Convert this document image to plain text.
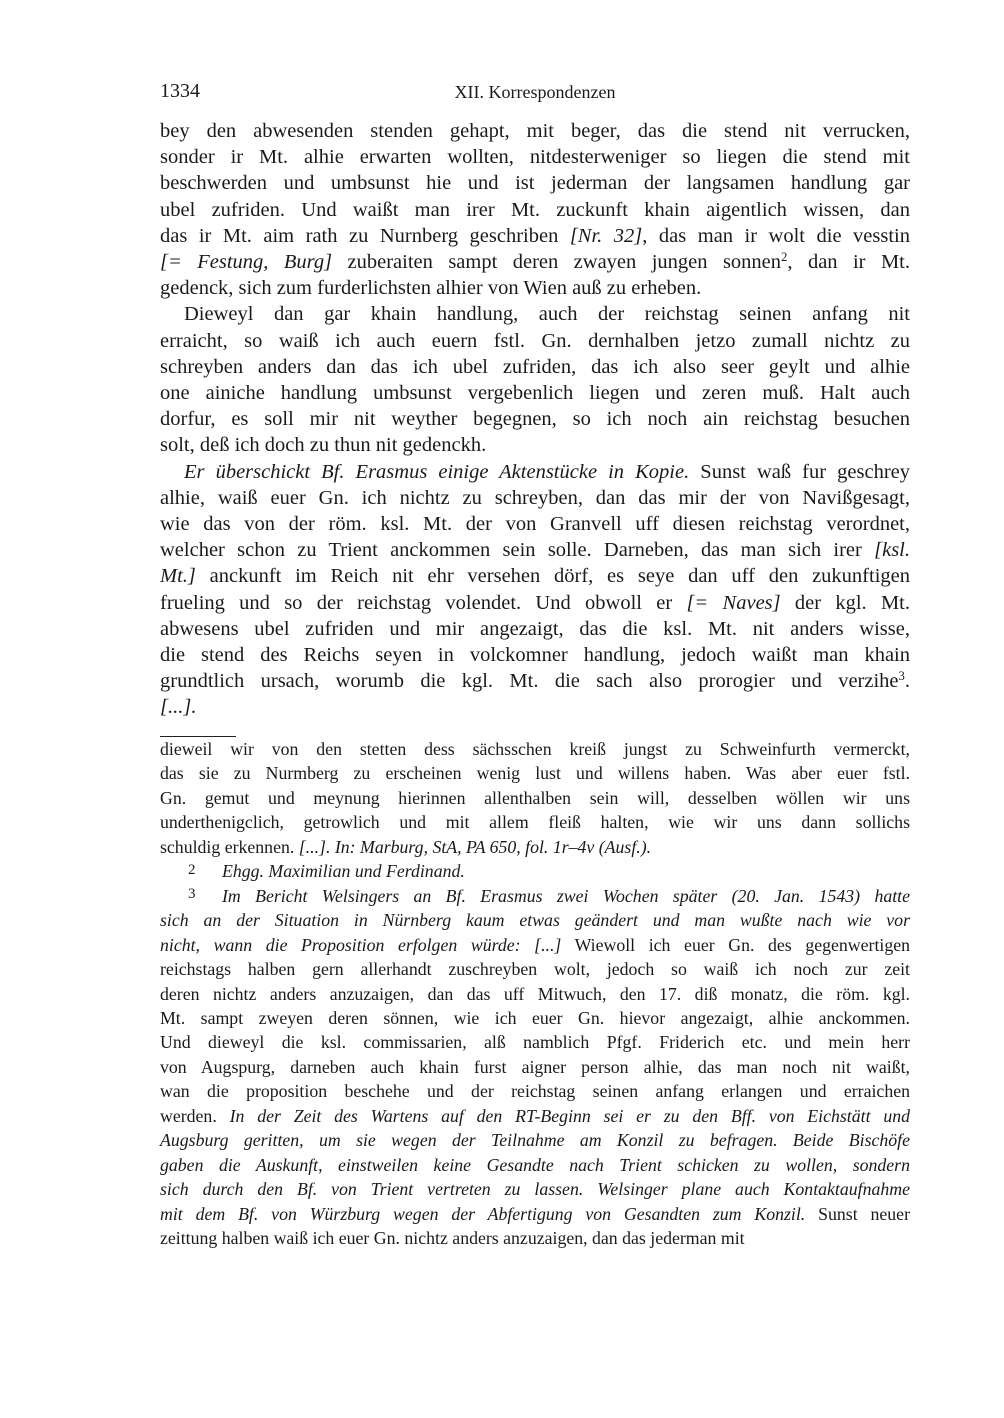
1334	XII. Korrespondenzen
bey den abwesenden stenden gehapt, mit beger, das die stend nit verrucken,
sonder ir Mt. alhie erwarten wollten, nitdesterweniger so liegen die stend mit
beschwerden und umbsunst hie und ist jederman der langsamen handlung gar
ubel zufriden. Und waißt man irer Mt. zuckunft khain aigentlich wissen, dan
das ir Mt. aim rath zu Nurnberg geschriben [Nr. 32], das man ir wolt die vesstin
[= Festung, Burg] zuberaiten sampt deren zwayen jungen sonnen$^2$, dan ir Mt.
gedenck, sich zum furderlichsten alhier von Wien auß zu erheben.
Dieweyl dan gar khain handlung, auch der reichstag seinen anfang nit
erraicht, so waiß ich auch euern fstl. Gn. dernhalben jetzo zumall nichtz zu
schreyben anders dan das ich ubel zufriden, das ich also seer geylt und alhie
one ainiche handlung umbsunst vergebenlich liegen und zeren muß. Halt auch
dorfur, es soll mir nit weyther begegnen, so ich noch ain reichstag besuchen
solt, deß ich doch zu thun nit gedenckh.
Er überschickt Bf. Erasmus einige Aktenstücke in Kopie. Sunst waß fur geschrey
alhie, waiß euer Gn. ich nichtz zu schreyben, dan das mir der von Navißgesagt,
wie das von der röm. ksl. Mt. der von Granvell uff diesen reichstag verordnet,
welcher schon zu Trient anckommen sein solle. Darneben, das man sich irer [ksl.
Mt.] anckunft im Reich nit ehr versehen dörf, es seye dan uff den zukunftigen
frueling und so der reichstag volendet. Und obwoll er [= Naves] der kgl. Mt.
abwesens ubel zufriden und mir angezaigt, das die ksl. Mt. nit anders wisse,
die stend des Reichs seyen in volckomner handlung, jedoch waißt man khain
grundtlich ursach, worumb die kgl. Mt. die sach also prorogier und verzihe$^3$.
[...].
dieweil wir von den stetten dess sächsschen kreiß jungst zu Schweinfurth vermerckt,
das sie zu Nurmberg zu erscheinen wenig lust und willens haben. Was aber euer fstl.
Gn. gemut und meynung hierinnen allenthalben sein will, desselben wöllen wir uns
underthenigclich, getrowlich und mit allem fleiß halten, wie wir uns dann sollichs
schuldig erkennen. [...]. In: Marburg, StA, PA 650, fol. 1r–4v (Ausf.).
2 Ehgg. Maximilian und Ferdinand.
3 Im Bericht Welsingers an Bf. Erasmus zwei Wochen später (20. Jan. 1543) hatte
sich an der Situation in Nürnberg kaum etwas geändert und man wußte nach wie vor
nicht, wann die Proposition erfolgen würde: [...] Wiewoll ich euer Gn. des gegenwertigen
reichstags halben gern allerhandt zuschreyben wolt, jedoch so waiß ich noch zur zeit
deren nichtz anders anzuzaigen, dan das uff Mitwuch, den 17. diß monatz, die röm. kgl.
Mt. sampt zweyen deren sönnen, wie ich euer Gn. hievor angezaigt, alhie anckommen.
Und dieweyl die ksl. commissarien, alß namblich Pfgf. Friderich etc. und mein herr
von Augspurg, darneben auch khain furst aigner person alhie, das man noch nit waißt,
wan die proposition beschehe und der reichstag seinen anfang erlangen und erraichen
werden. In der Zeit des Wartens auf den RT-Beginn sei er zu den Bff. von Eichstätt und
Augsburg geritten, um sie wegen der Teilnahme am Konzil zu befragen. Beide Bischöfe
gaben die Auskunft, einstweilen keine Gesandte nach Trient schicken zu wollen, sondern
sich durch den Bf. von Trient vertreten zu lassen. Welsinger plane auch Kontaktaufnahme
mit dem Bf. von Würzburg wegen der Abfertigung von Gesandten zum Konzil. Sunst neuer
zeittung halben waiß ich euer Gn. nichtz anders anzuzaigen, dan das jederman mit
